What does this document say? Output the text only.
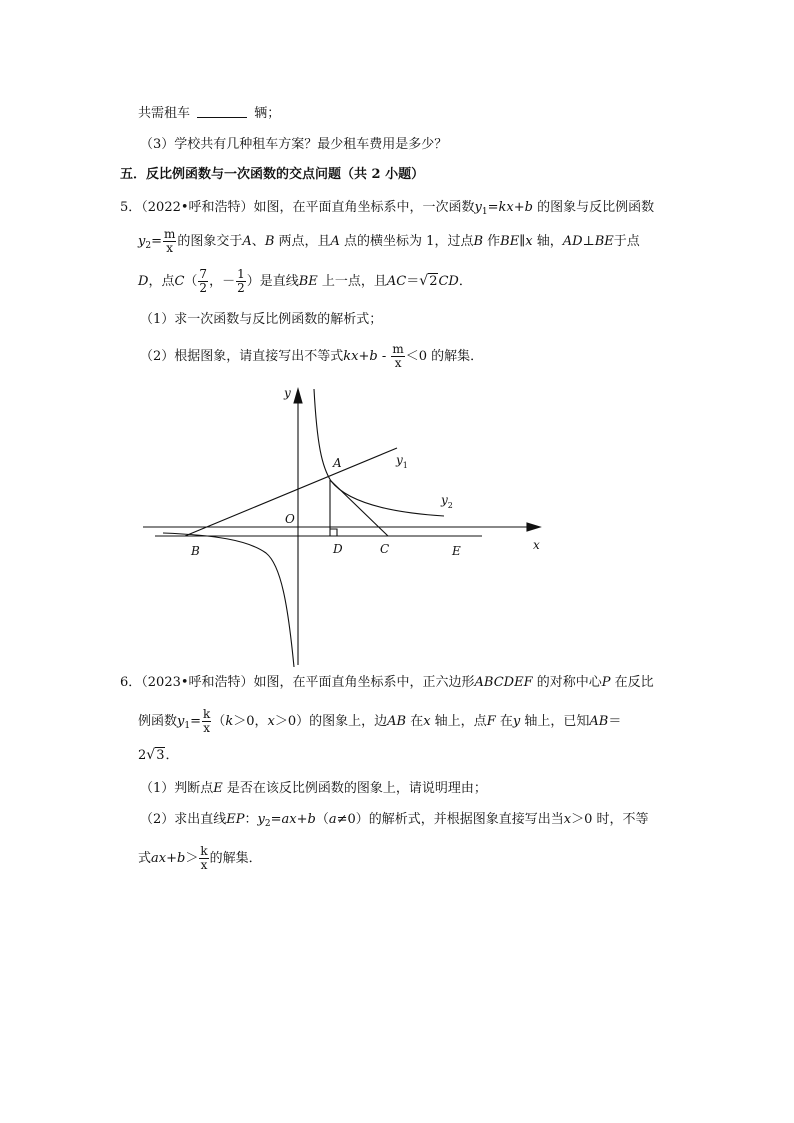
共需租车	辆；
（3）学校共有几种租车方案？最少租车费用是多少？
五．反比例函数与一次函数的交点问题（共 2 小题）
5．（2022•呼和浩特）如图，在平面直角坐标系中，一次函数$y_1=kx+b$ 的图象与反比例函数
$y_2= \frac{m}{x}$ 的图象交于A、B 两点，且A 点的横坐标为 1，过点B 作BE∥x 轴，AD⊥BE于点
D，点$C( \frac{7}{2}$ ，－ $\frac{1}{2}$ ）是直线BE 上一点，且AC＝√2CD．
（1）求一次函数与反比例函数的解析式；
（2）根据图象，请直接写出不等式$kx+b - \frac{m}{x} <0$ 的解集．
y
x
O
A
B	D	C	E
$y_1$
$y_2$
6．（2023•呼和浩特）如图，在平面直角坐标系中，正六边形ABCDEF 的对称中心P 在反比
例函数$y_1= \frac{k}{x} (k>0$，x＞0）的图象上，边AB 在x 轴上，点F 在y 轴上，已知AB＝
2√3．
（1）判断点E 是否在该反比例函数的图象上，请说明理由；
（2）求出直线EP：$y_2=ax+b(a\ne 0)$的解析式，并根据图象直接写出当x＞0 时，不等
式$ax+b> \frac{k}{x}$ 的解集．
